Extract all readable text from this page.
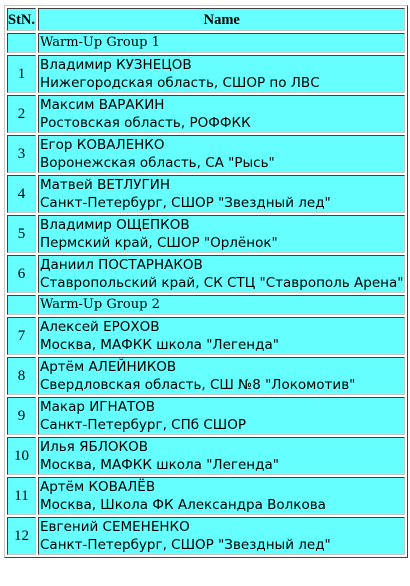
StN.	Name
	Warm-Up Group 1
1	Владимир КУЗНЕЦОВ
Нижегородская область, СШОР по ЛВС

2	Максим ВАРАКИН
Ростовская область, РОФФКК

3	Егор КОВАЛЕНКО
Воронежская область, СА "Рысь"

4	Матвей ВЕТЛУГИН
Санкт-Петербург, СШОР "Звездный лед"

5	Владимир ОЩЕПКОВ
Пермский край, СШОР "Орлёнок"

6	Даниил ПОСТАРНАКОВ
Ставропольский край, СК СТЦ "Ставрополь Арена"

	Warm-Up Group 2
7	Алексей ЕРОХОВ
Москва, МАФКК школа "Легенда"

8	Артём АЛЕЙНИКОВ
Свердловская область, СШ №8 "Локомотив"

9	Макар ИГНАТОВ
Санкт-Петербург, СПб СШОР

10	Илья ЯБЛОКОВ
Москва, МАФКК школа "Легенда"

11	Артём КОВАЛЁВ
Москва, Школа ФК Александра Волкова

12	Евгений СЕМЕНЕНКО
Санкт-Петербург, СШОР "Звездный лед"
